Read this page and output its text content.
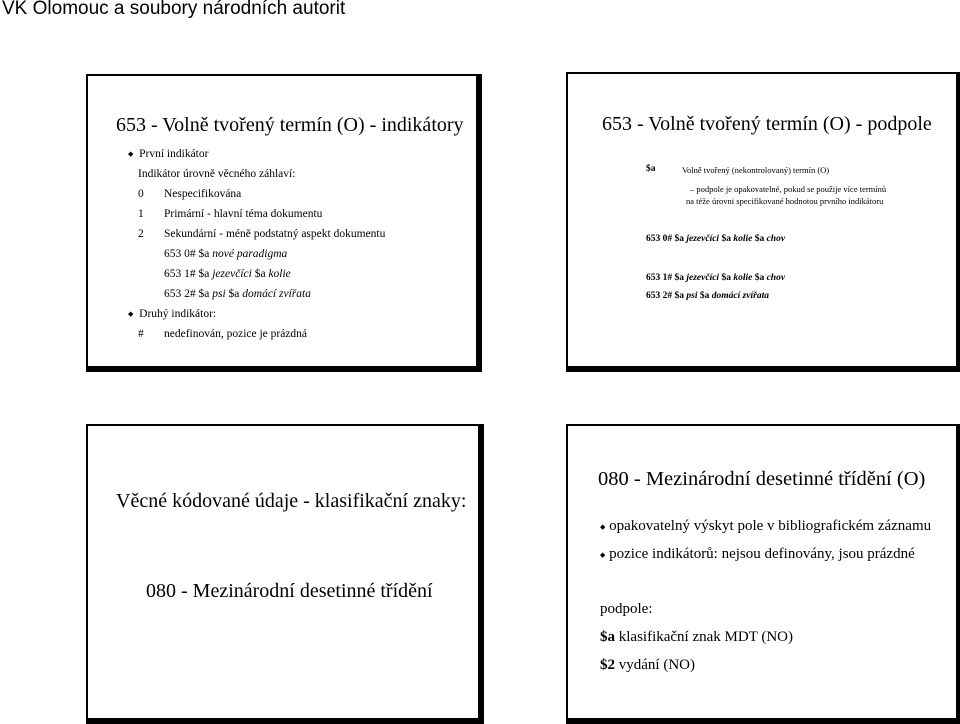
VK Olomouc a soubory národních autorit
653 - Volně tvořený termín (O) - indikátory
◆ První indikátor
Indikátor úrovně věcného záhlaví:
0 Nespecifikována
1 Primární - hlavní téma dokumentu
2 Sekundární - méně podstatný aspekt dokumentu
653 0# $a nové paradigma
653 1# $a jezevčíci $a kolie
653 2# $a psi $a domácí zvířata
◆ Druhý indikátor:
# nedefinován, pozice je prázdná
653 - Volně tvořený termín (O) - podpole
$a	Volně tvořený (nekontrolovaný) termín (O)
– podpole je opakovatelné, pokud se použije více termínů
na téže úrovni specifikované hodnotou prvního indikátoru
653 0# $a jezevčíci $a kolie $a chov
653 1# $a jezevčíci $a kolie $a chov
653 2# $a psi $a domácí zvířata
Věcné kódované údaje - klasifikační znaky:
080 - Mezinárodní desetinné třídění
080 - Mezinárodní desetinné třídění (O)
◆ opakovatelný výskyt pole v bibliografickém záznamu
◆ pozice indikátorů: nejsou definovány, jsou prázdné
podpole:
$a klasifikační znak MDT (NO)
$2 vydání (NO)
